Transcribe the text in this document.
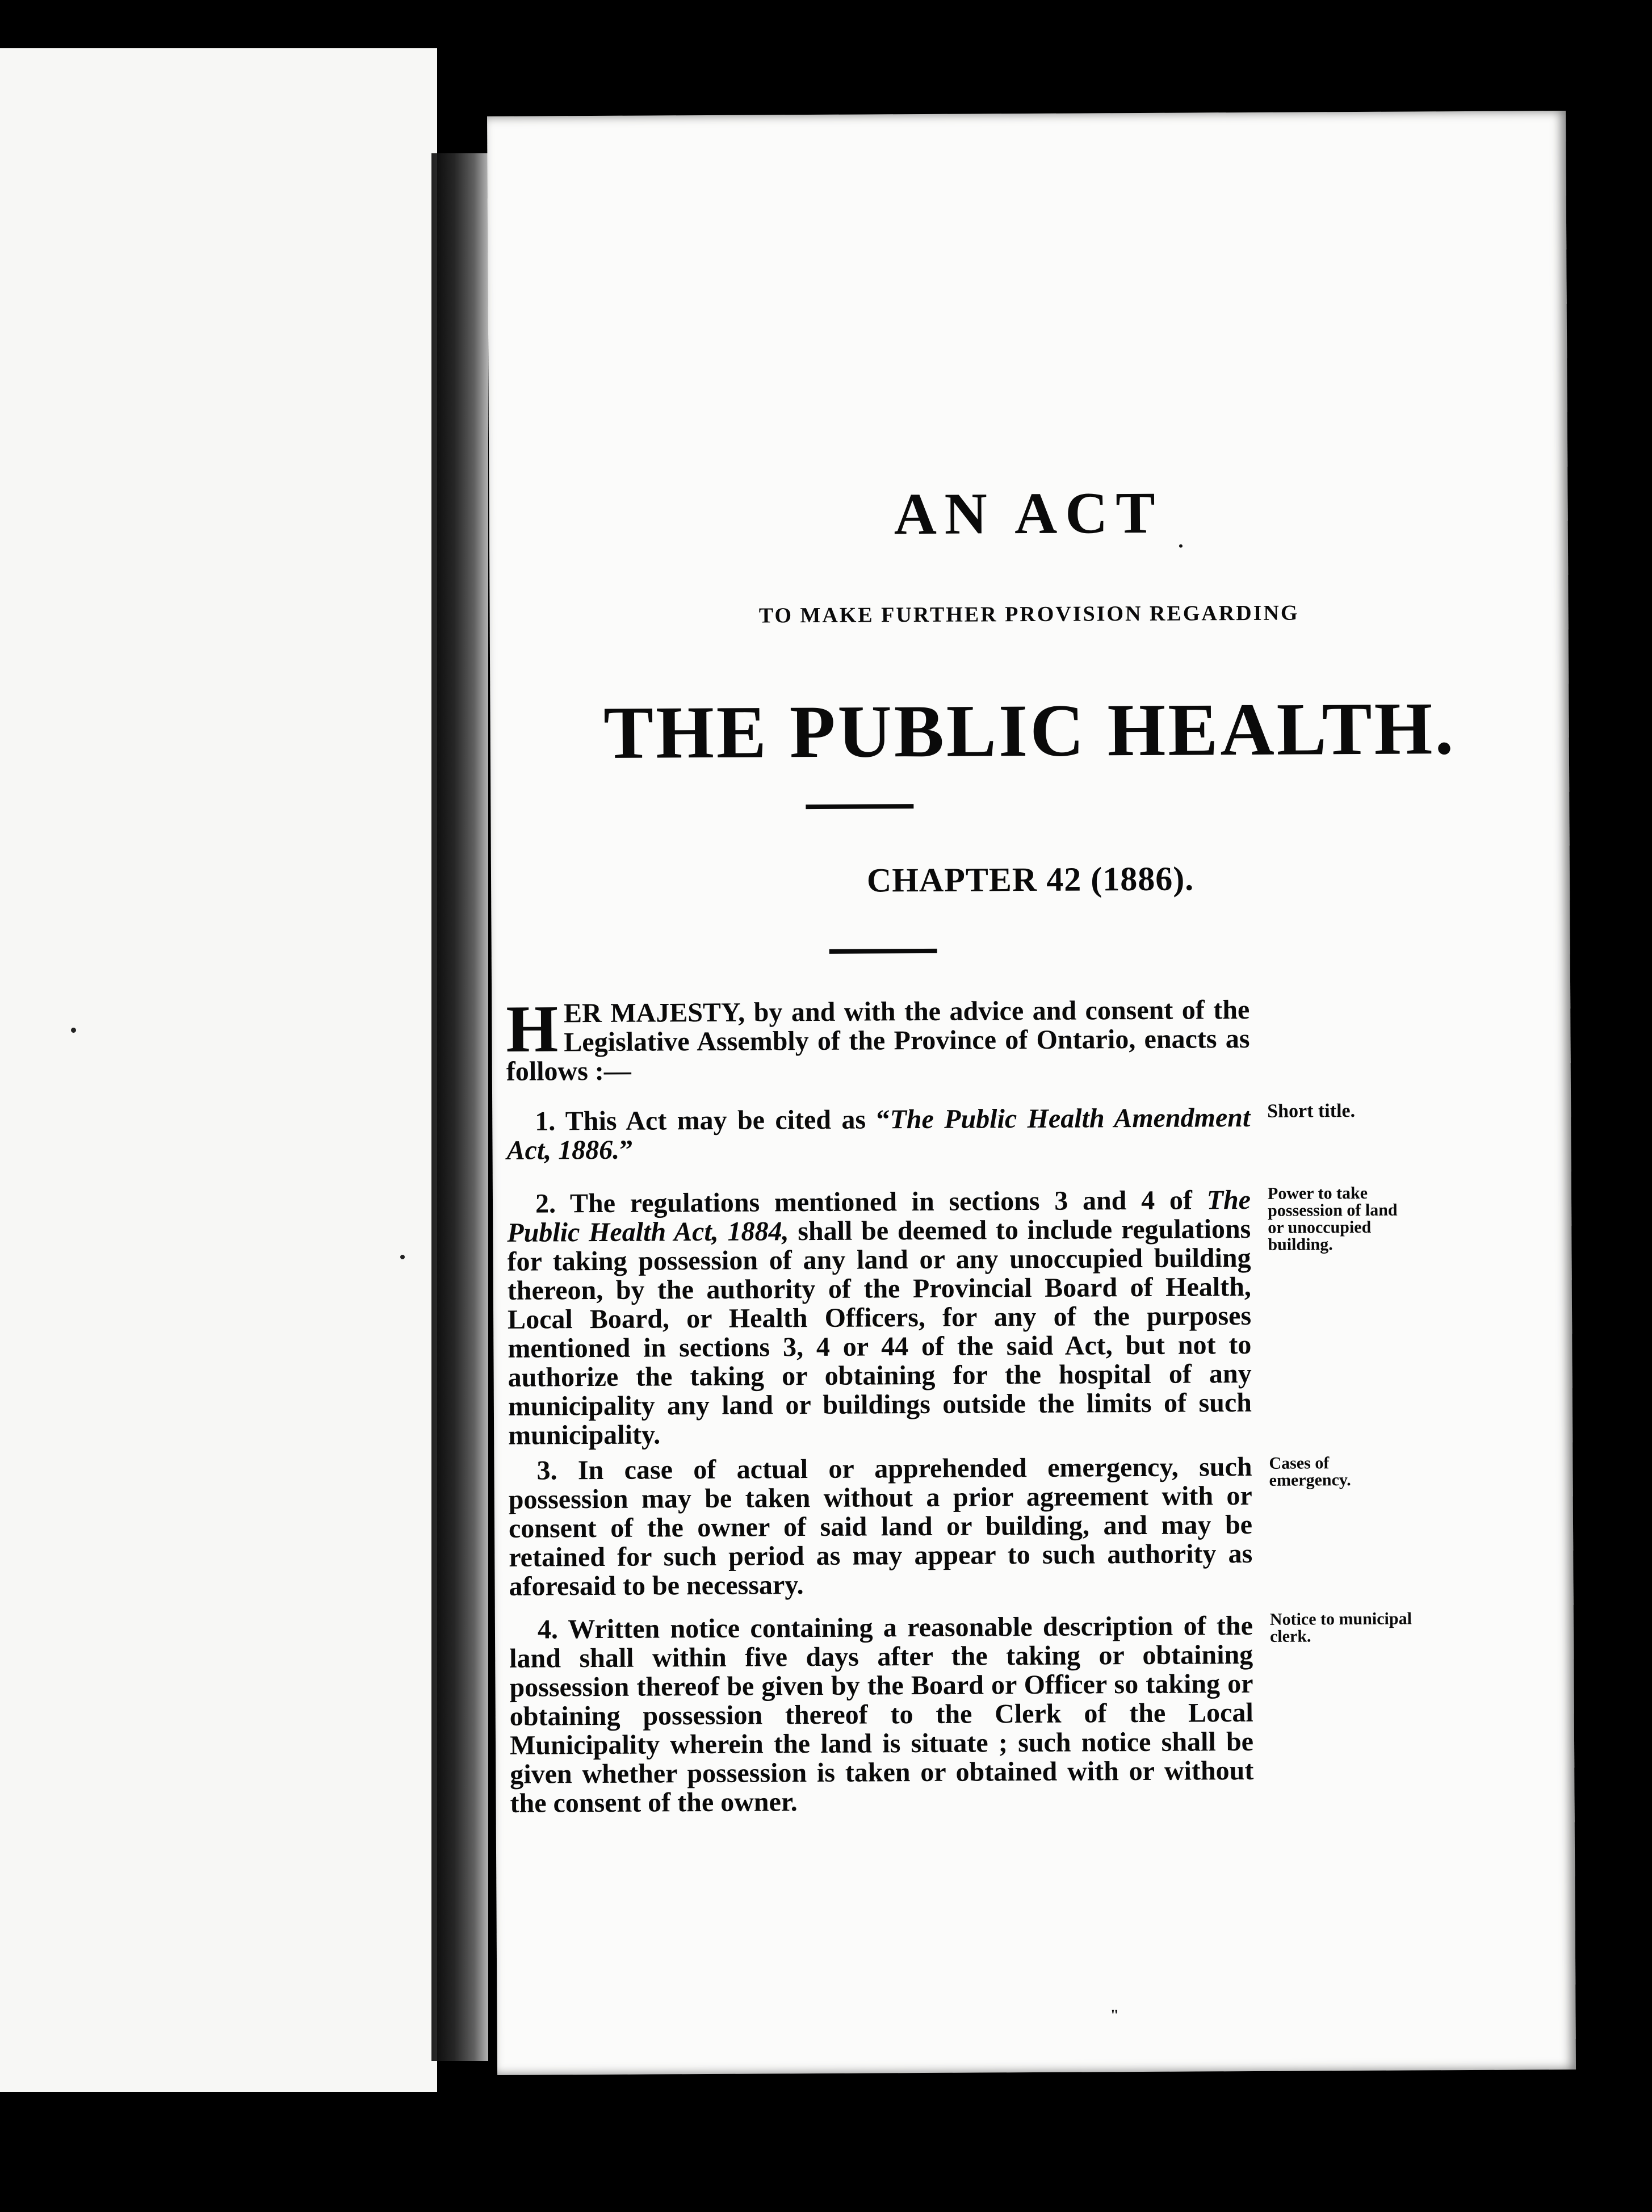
AN ACT
TO MAKE FURTHER PROVISION REGARDING
THE PUBLIC HEALTH.
CHAPTER 42 (1886).
HER MAJESTY, by and with the advice and consent of the Legislative Assembly of the Province of Ontario, enacts as follows :—
1. This Act may be cited as “The Public Health Amendment Act, 1886.”
Short title.
2. The regulations mentioned in sections 3 and 4 of The Public Health Act, 1884, shall be deemed to include regulations for taking possession of any land or any unoccupied building thereon, by the authority of the Provincial Board of Health, Local Board, or Health Officers, for any of the purposes mentioned in sections 3, 4 or 44 of the said Act, but not to authorize the taking or obtaining for the hospital of any municipality any land or buildings outside the limits of such municipality.
Power to take possession of land or unoccupied building.
3. In case of actual or apprehended emergency, such possession may be taken without a prior agreement with or consent of the owner of said land or building, and may be retained for such period as may appear to such authority as aforesaid to be necessary.
Cases of emergency.
4. Written notice containing a reasonable description of the land shall within five days after the taking or obtaining possession thereof be given by the Board or Officer so taking or obtaining possession thereof to the Clerk of the Local Municipality wherein the land is situate ; such notice shall be given whether possession is taken or obtained with or without the consent of the owner.
Notice to municipal clerk.
"
